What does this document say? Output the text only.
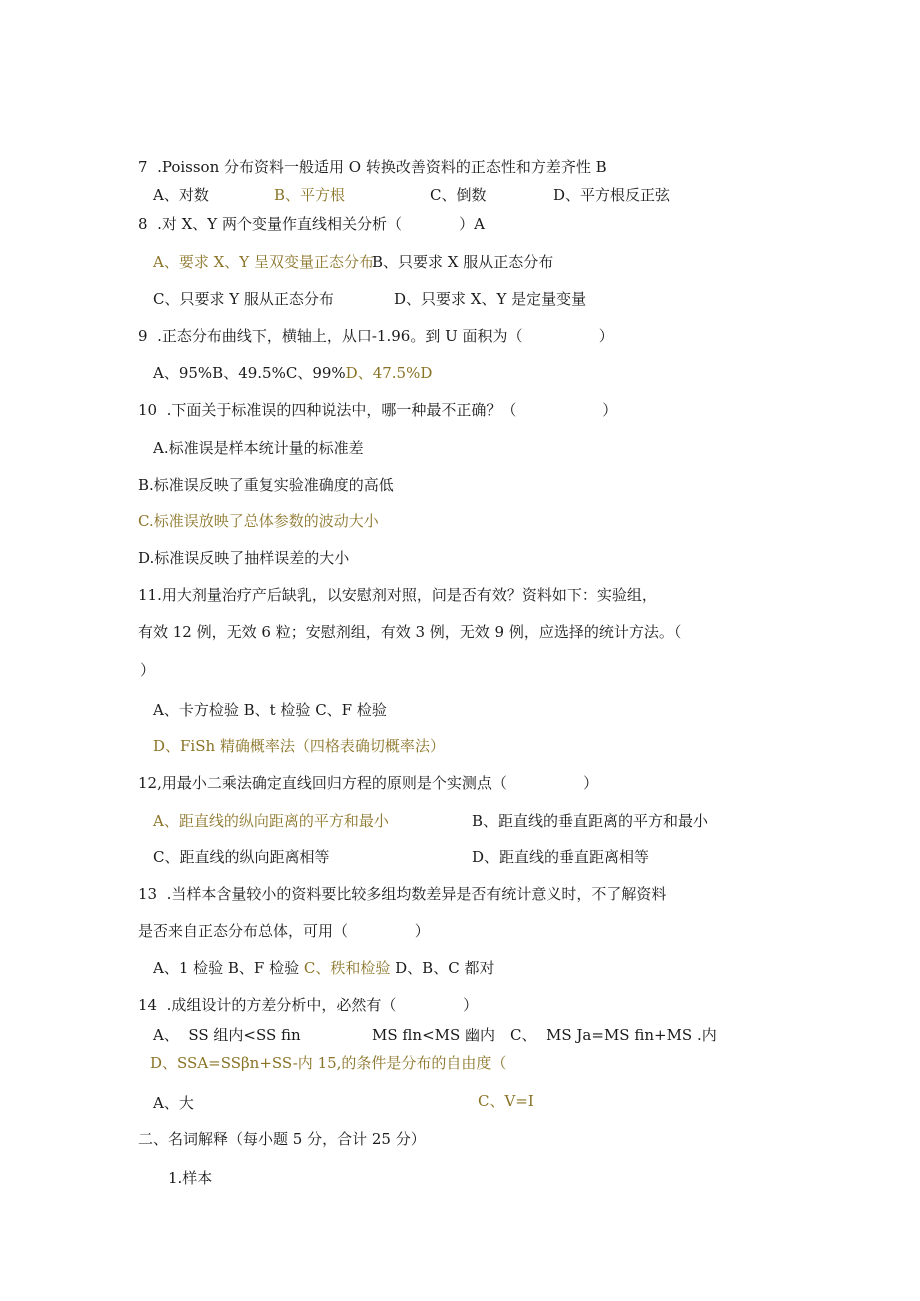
7  .Poisson 分布资料一般适用 O 转换改善资料的正态性和方差齐性 B
A、对数	B、平方根	C、倒数	D、平方根反正弦
8  .对 X、Y 两个变量作直线相关分析（            ）A
A、要求 X、Y 呈双变量正态分布
B、只要求 X 服从正态分布
C、只要求 Y 服从正态分布	D、只要求 X、Y 是定量变量
9  .正态分布曲线下，横轴上，从口-1.96。到 U 面积为（                ）
A、95%B、49.5%C、99%D、47.5%D
10  .下面关于标准误的四种说法中，哪一种最不正确？（                  ）
A.标准误是样本统计量的标准差
B.标准误反映了重复实验准确度的高低
C.标准误放映了总体参数的波动大小
D.标准误反映了抽样误差的大小
11.用大剂量治疗产后缺乳，以安慰剂对照，问是否有效？资料如下：实验组，
有效 12 例，无效 6 粒；安慰剂组，有效 3 例，无效 9 例，应选择的统计方法。（
）
A、卡方检验 B、t 检验 C、F 检验
D、FiSh 精确概率法（四格表确切概率法）
12,用最小二乘法确定直线回归方程的原则是个实测点（                ）
A、距直线的纵向距离的平方和最小	B、距直线的垂直距离的平方和最小
C、距直线的纵向距离相等	D、距直线的垂直距离相等
13  .当样本含量较小的资料要比较多组均数差异是否有统计意义时，不了解资料
是否来自正态分布总体，可用（              ）
A、1 检验 B、F 检验 C、秩和检验 D、B、C 都对
14  .成组设计的方差分析中，必然有（              ）
A、  SS 组内<SS fin	MS fln<MS 幽内 C、  MS Ja=MS fin+MS .内
D、SSA=SSβn+SS-内 15,的条件是分布的自由度（
A、大	C、V=I
二、名词解释（每小题 5 分，合计 25 分）
1.样本
